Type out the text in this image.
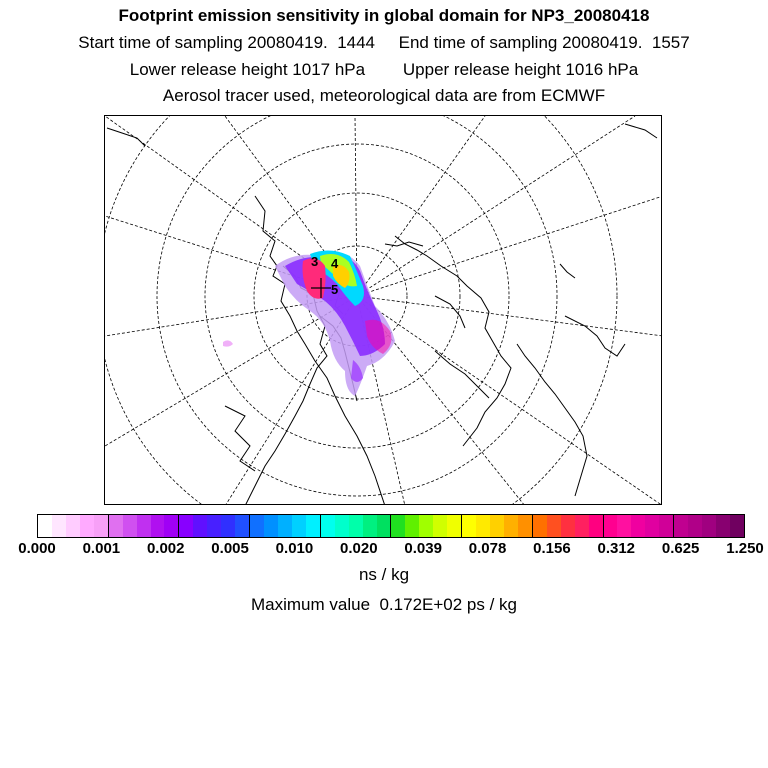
Footprint emission sensitivity in global domain for NP3_20080418
Start time of sampling 20080419.  1444     End time of sampling 20080419.  1557
Lower release height 1017 hPa        Upper release height 1016 hPa
Aerosol tracer used, meteorological data are from ECMWF
3 4
5
0.000 0.001 0.002 0.005 0.010 0.020 0.039 0.078 0.156 0.312 0.625 1.250
ns / kg
Maximum value  0.172E+02 ps / kg
